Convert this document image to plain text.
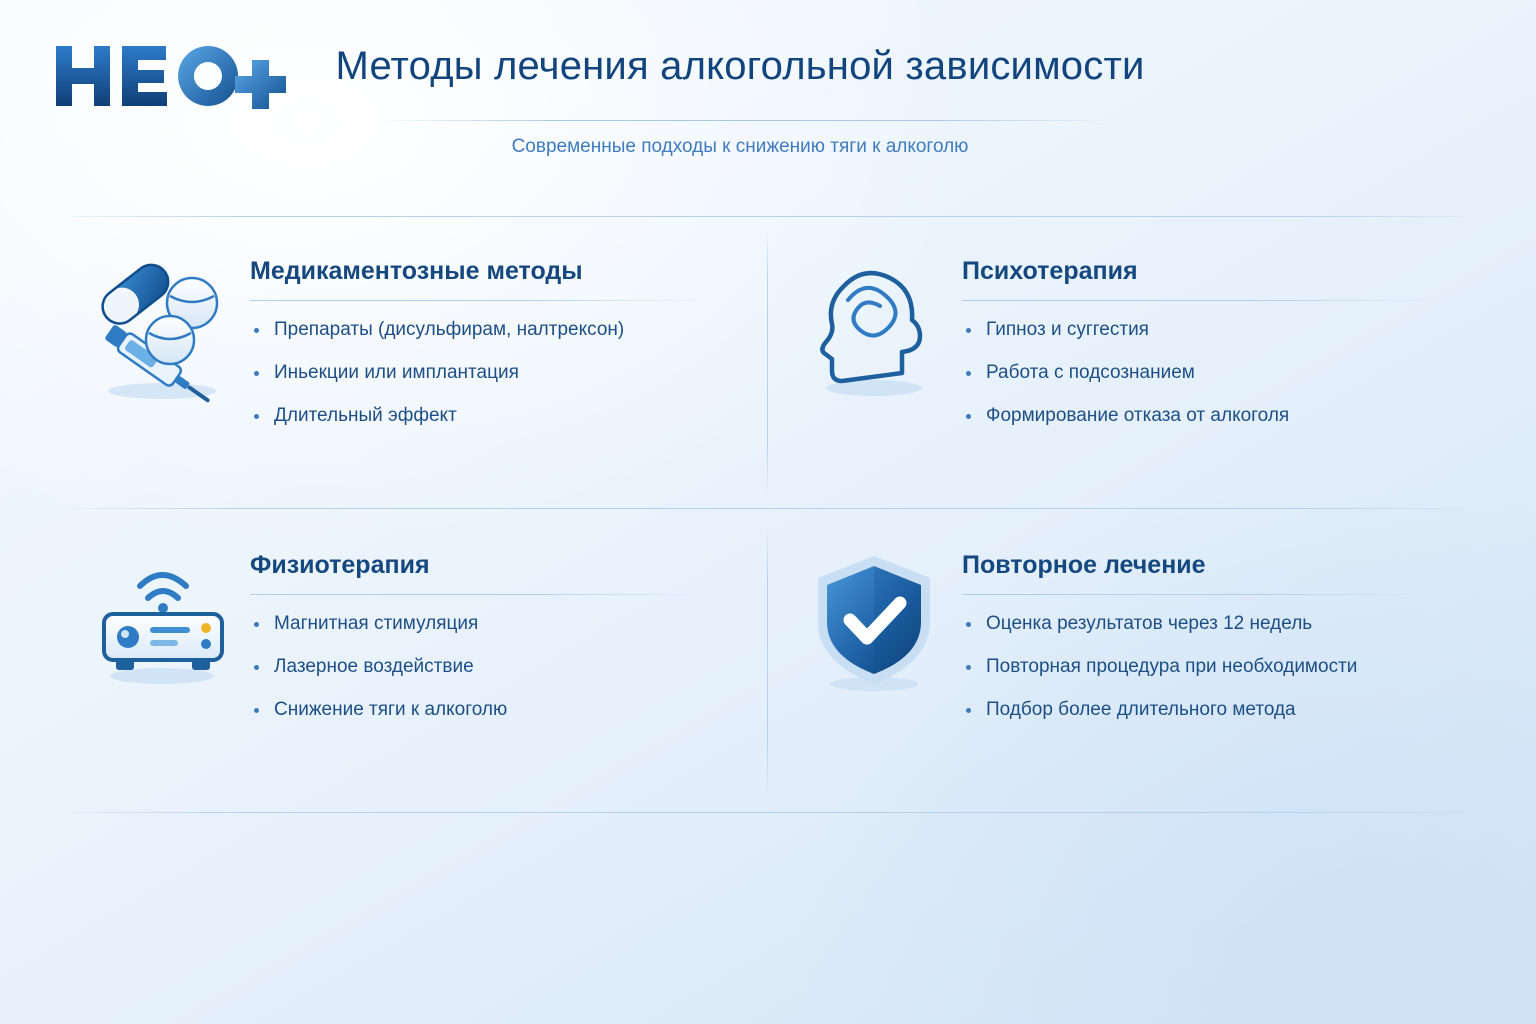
Методы лечения алкогольной зависимости
Современные подходы к снижению тяги к алкоголю
Медикаментозные методы
Препараты (дисульфирам, налтрексон)
Иньекции или имплантация
Длительный эффект
Психотерапия
Гипноз и суггестия
Работа с подсознанием
Формирование отказа от алкоголя
Физиотерапия
Магнитная стимуляция
Лазерное воздействие
Снижение тяги к алкоголю
Повторное лечение
Оценка результатов через 12 недель
Повторная процедура при необходимости
Подбор более длительного метода
